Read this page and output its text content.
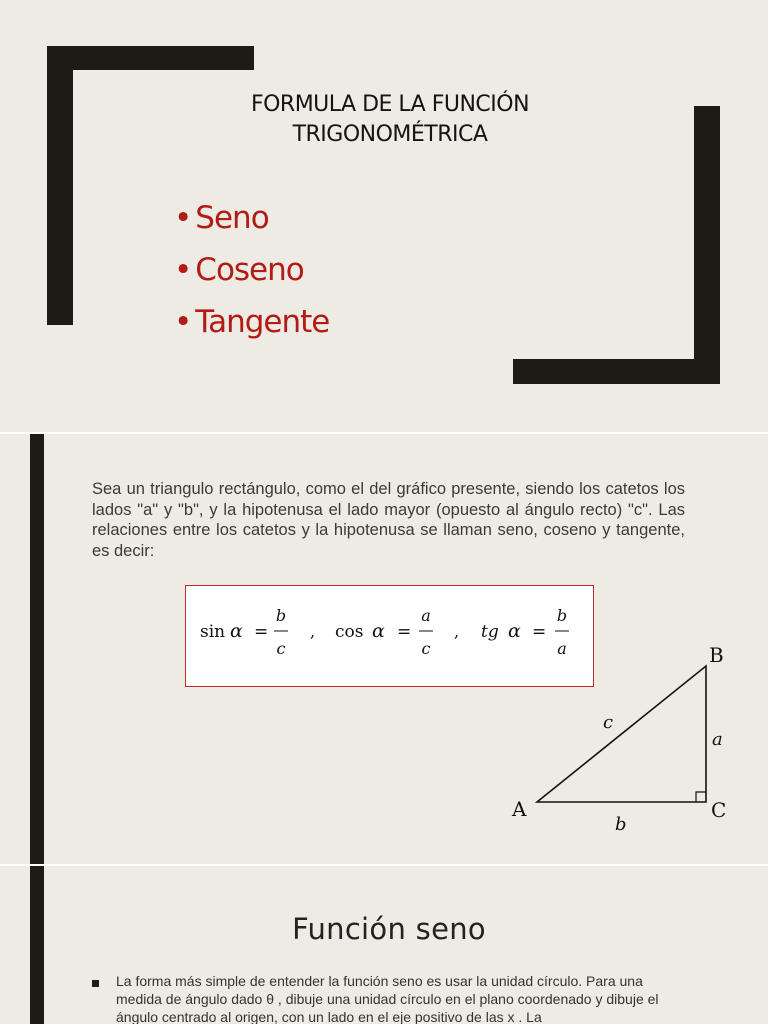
FORMULA DE LA FUNCIÓN
TRIGONOMÉTRICA
• Seno
• Coseno
• Tangente
Sea un triangulo rectángulo, como el del gráfico presente, siendo los catetos los lados "a" y "b", y la hipotenusa el lado mayor (opuesto al ángulo recto) "c". Las relaciones entre los catetos y la hipotenusa se llaman seno, coseno y tangente, es decir:
sin α =
b
c
, cos α =
a
c
, tg α =
b
a
A
B
C
a
b
c
Función seno
La forma más simple de entender la función seno es usar la unidad círculo. Para una medida de ángulo dado θ , dibuje una unidad círculo en el plano coordenado y dibuje el ángulo centrado al origen, con un lado en el eje positivo de las x . La
